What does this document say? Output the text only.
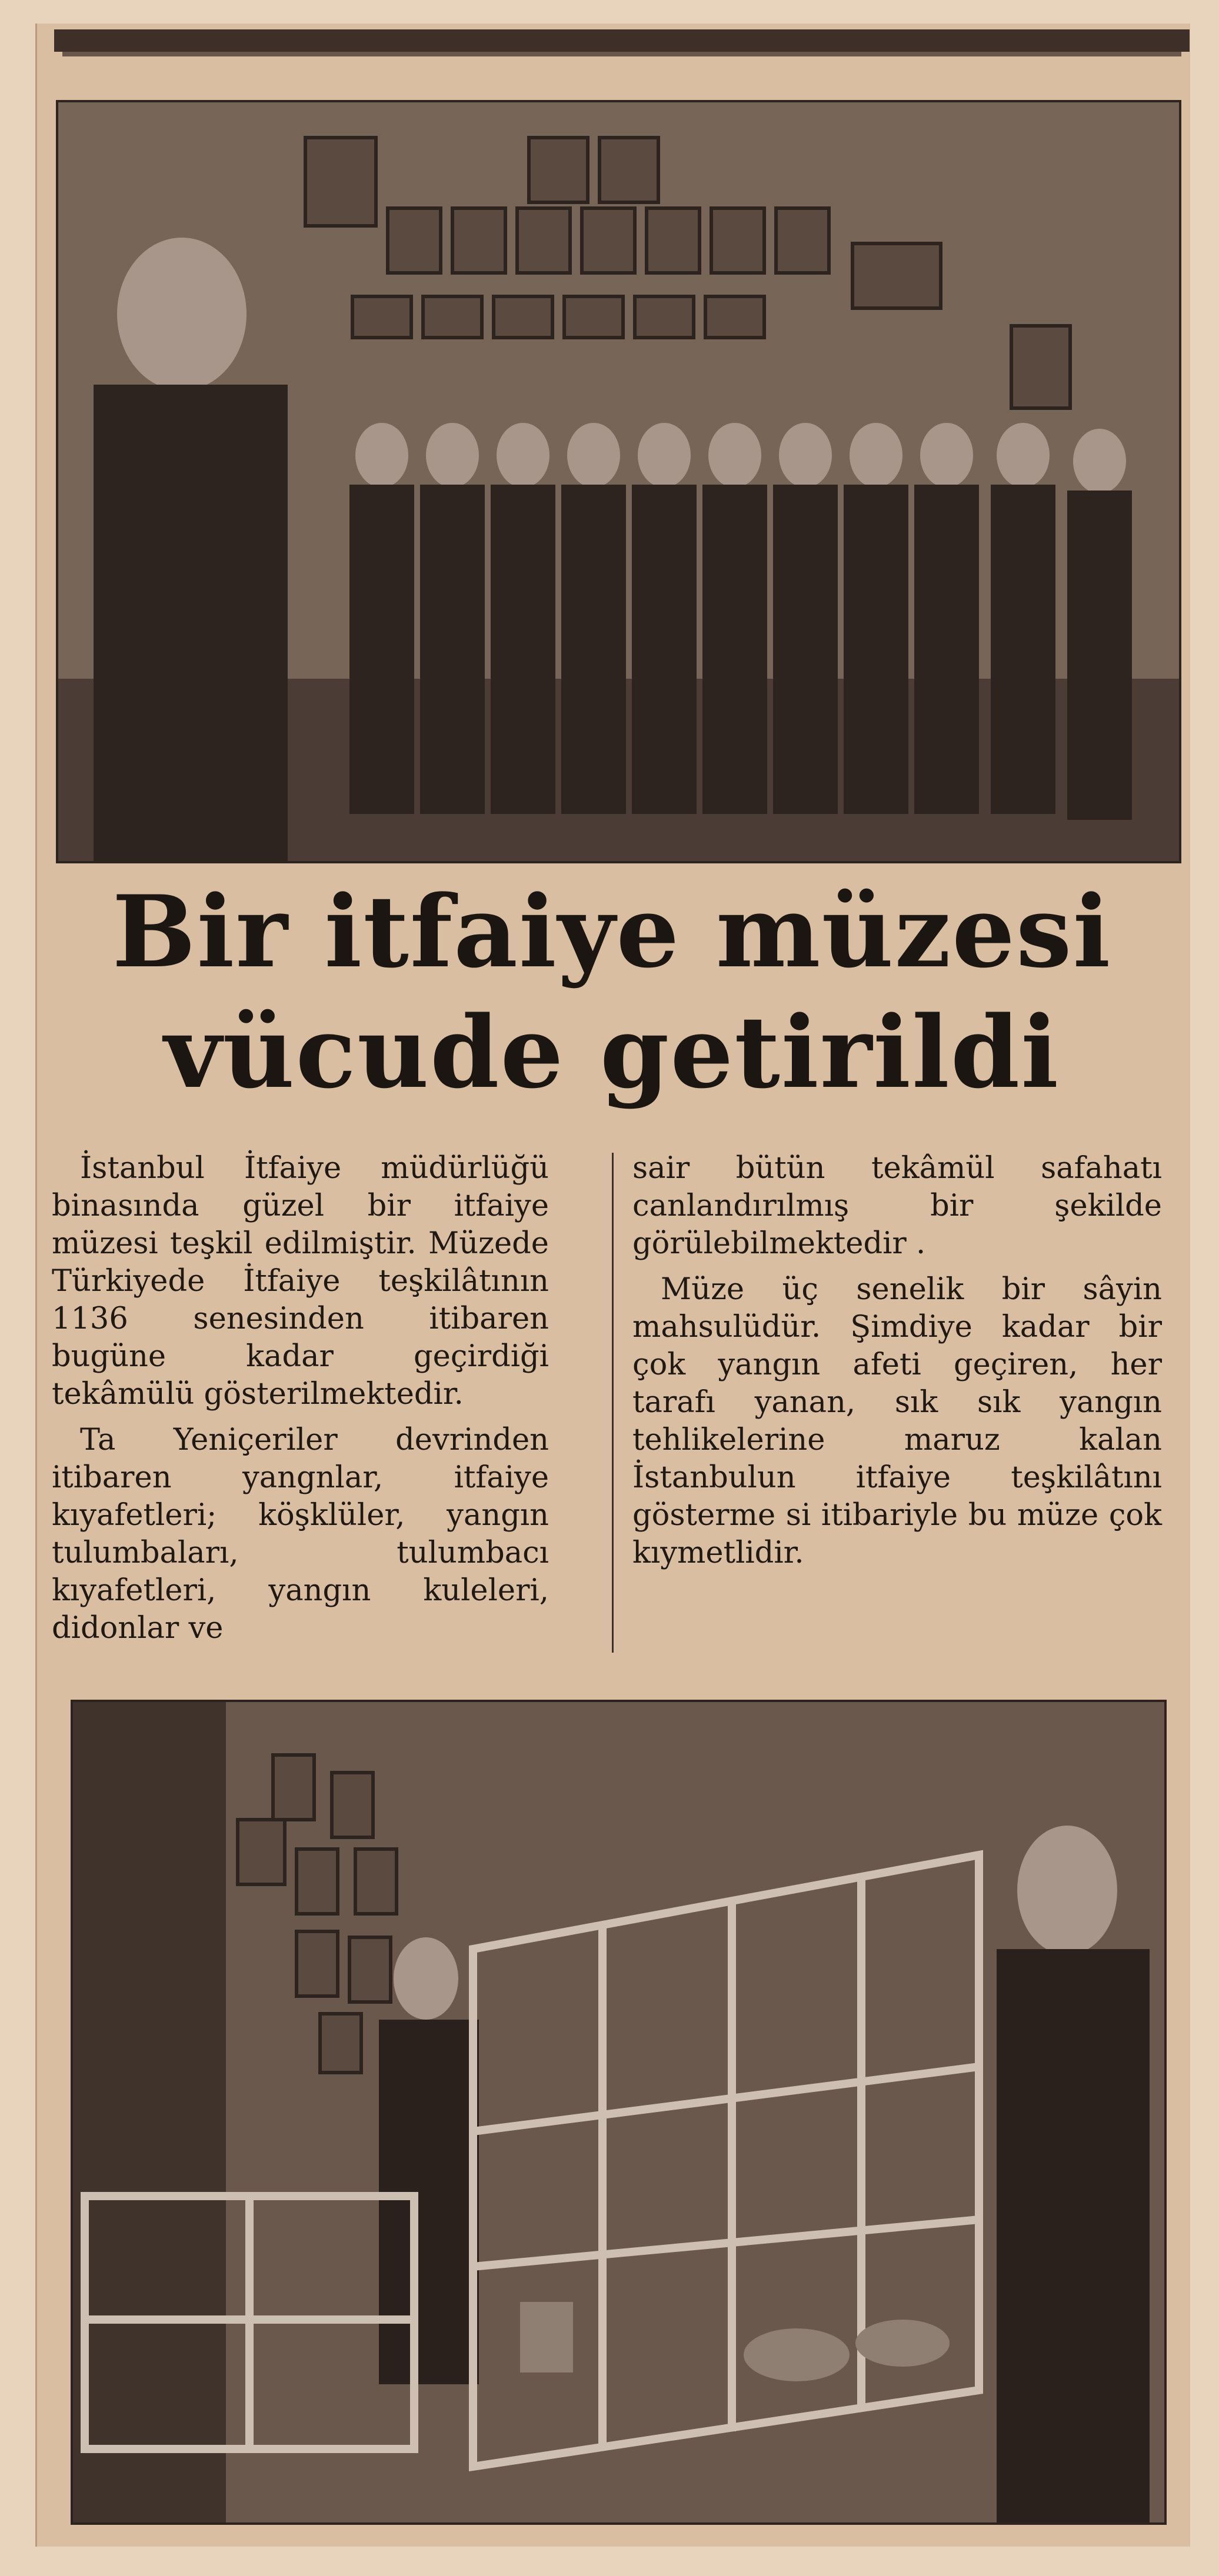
Bir itfaiye müzesi
vücude getirildi

İstanbul İtfaiye müdürlüğü binasında güzel bir itfaiye müzesi teşkil edilmiştir. Müzede Türkiyede İtfaiye teşkilâtının 1136 senesinden itibaren bugüne kadar geçirdiği tekâmülü gösterilmektedir.

Ta Yeniçeriler devrinden itibaren yangnlar, itfaiye kıyafetleri; köşklüler, yangın tulumbaları, tulumbacı kıyafetleri, yangın kuleleri, didonlar ve

sair bütün tekâmül safahatı canlandırılmış bir şekilde görülebilmektedir .

Müze üç senelik bir sâyin mahsulüdür. Şimdiye kadar bir çok yangın afeti geçiren, her tarafı yanan, sık sık yangın tehlikelerine maruz kalan İstanbulun itfaiye teşkilâtını gösterme si itibariyle bu müze çok kıymetlidir.
